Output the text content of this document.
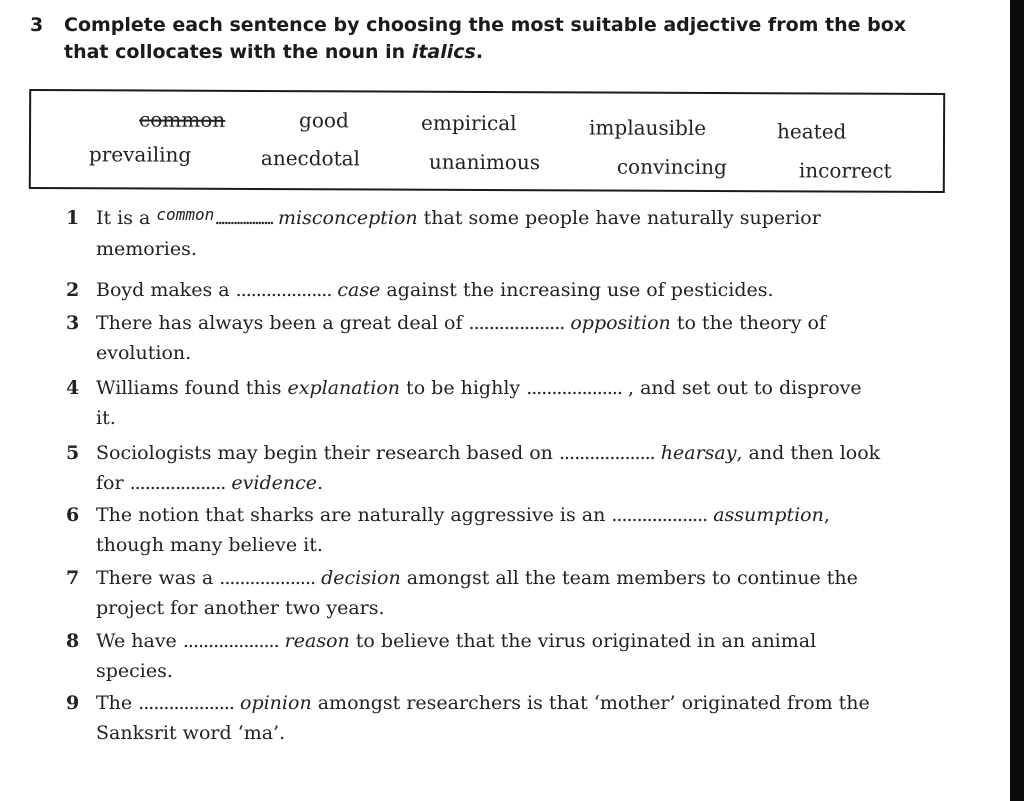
3 Complete each sentence by choosing the most suitable adjective from the box
that collocates with the noun in italics.
common	good	empirical	implausible	heated
prevailing	anecdotal	unanimous	convincing	incorrect
1 It is a $^{common}$................... misconception that some people have naturally superior
memories.
2 Boyd makes a ................... case against the increasing use of pesticides.
3 There has always been a great deal of ................... opposition to the theory of
evolution.
4 Williams found this explanation to be highly ................... , and set out to disprove
it.
5 Sociologists may begin their research based on ................... hearsay, and then look
for ................... evidence.
6 The notion that sharks are naturally aggressive is an ................... assumption,
though many believe it.
7 There was a ................... decision amongst all the team members to continue the
project for another two years.
8 We have ................... reason to believe that the virus originated in an animal
species.
9 The ................... opinion amongst researchers is that ‘mother’ originated from the
Sanksrit word ‘ma’.
